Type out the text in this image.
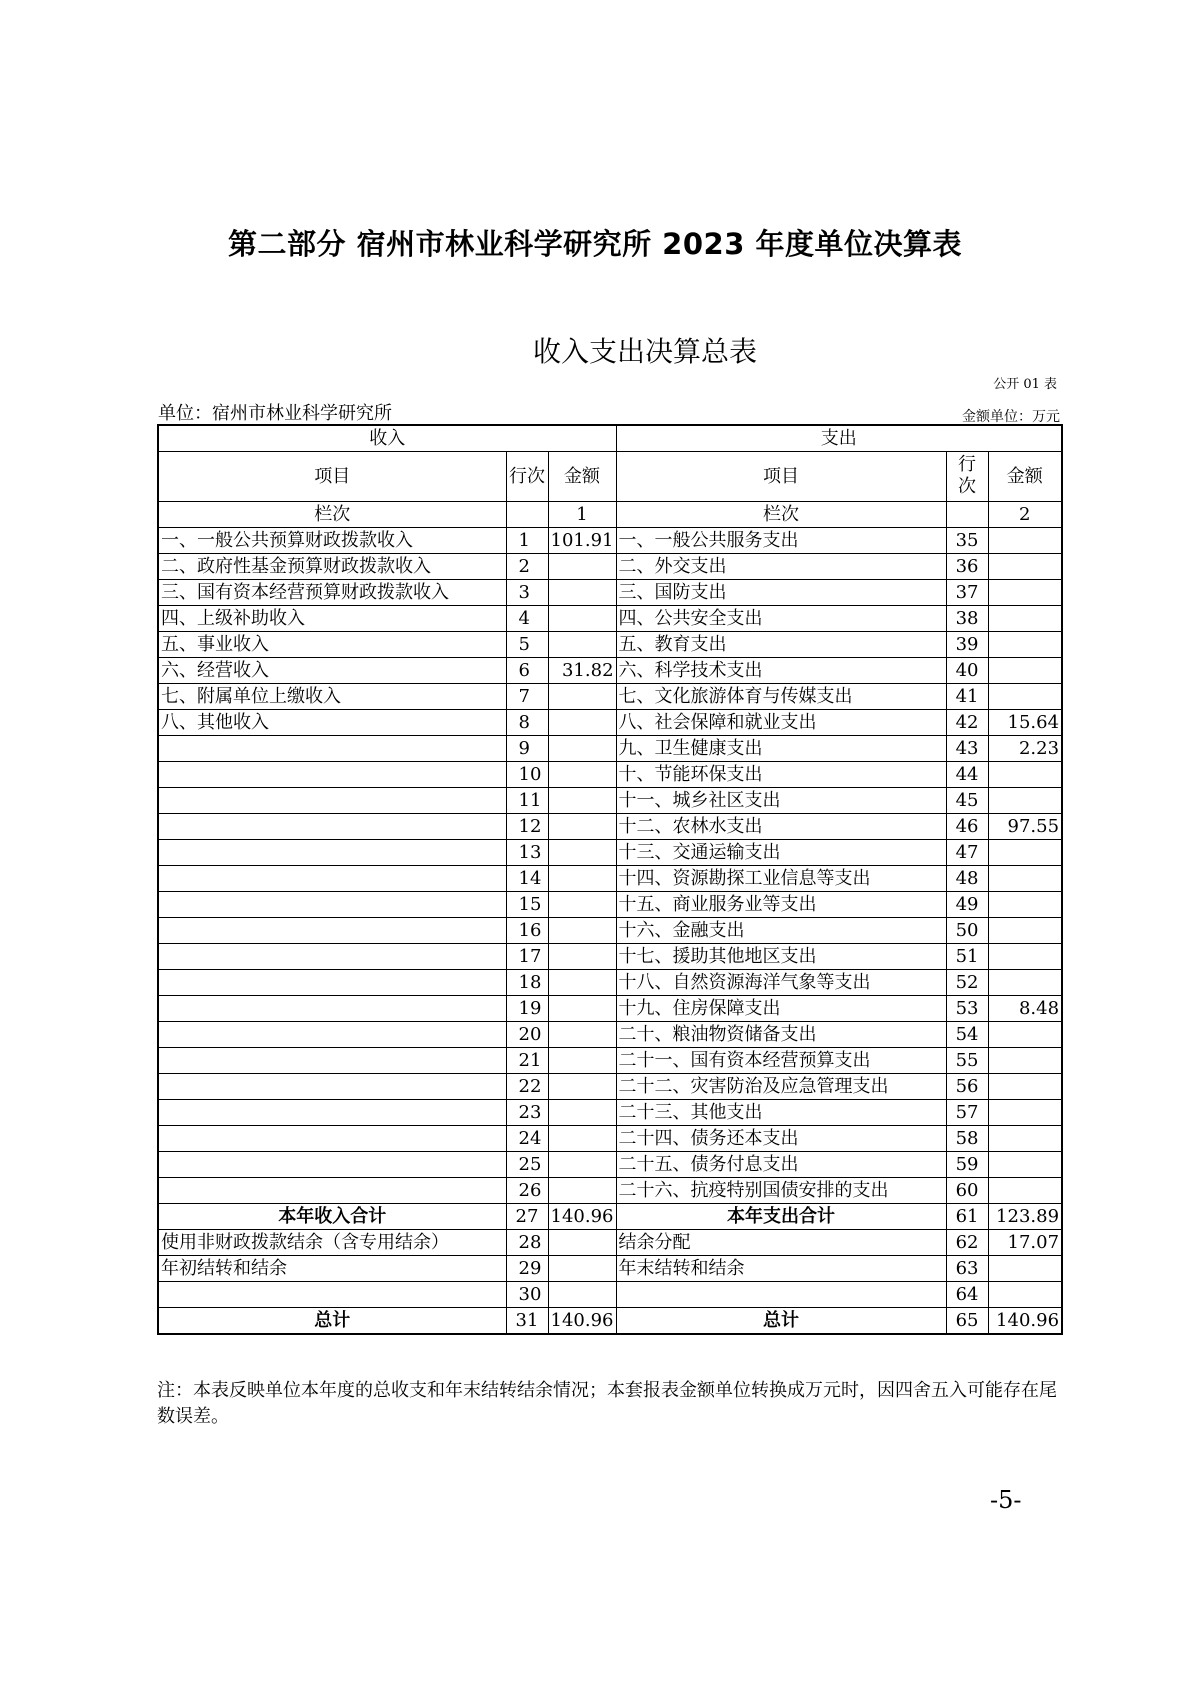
第二部分 宿州市林业科学研究所 2023 年度单位决算表
收入支出决算总表
公开 01 表
单位：宿州市林业科学研究所	金额单位：万元
收入			支出		
项目	行次	金额	项目	行次	金额
栏次		1	栏次		2
一、一般公共预算财政拨款收入	1	101.91	一、一般公共服务支出	35	
二、政府性基金预算财政拨款收入	2		二、外交支出	36	
三、国有资本经营预算财政拨款收入	3		三、国防支出	37	
四、上级补助收入	4		四、公共安全支出	38	
五、事业收入	5		五、教育支出	39	
六、经营收入	6	31.82	六、科学技术支出	40	
七、附属单位上缴收入	7		七、文化旅游体育与传媒支出	41	
八、其他收入	8		八、社会保障和就业支出	42	15.64
	9		九、卫生健康支出	43	2.23
	10		十、节能环保支出	44	
	11		十一、城乡社区支出	45	
	12		十二、农林水支出	46	97.55
	13		十三、交通运输支出	47	
	14		十四、资源勘探工业信息等支出	48	
	15		十五、商业服务业等支出	49	
	16		十六、金融支出	50	
	17		十七、援助其他地区支出	51	
	18		十八、自然资源海洋气象等支出	52	
	19		十九、住房保障支出	53	8.48
	20		二十、粮油物资储备支出	54	
	21		二十一、国有资本经营预算支出	55	
	22		二十二、灾害防治及应急管理支出	56	
	23		二十三、其他支出	57	
	24		二十四、债务还本支出	58	
	25		二十五、债务付息支出	59	
	26		二十六、抗疫特别国债安排的支出	60	
本年收入合计	27	140.96	本年支出合计	61	123.89
使用非财政拨款结余（含专用结余）	28		结余分配	62	17.07
年初结转和结余	29		年末结转和结余	63	
	30			64	
总计	31	140.96	总计	65	140.96
注：本表反映单位本年度的总收支和年末结转结余情况；本套报表金额单位转换成万元时，因四舍五入可能存在尾数误差。
-5-
